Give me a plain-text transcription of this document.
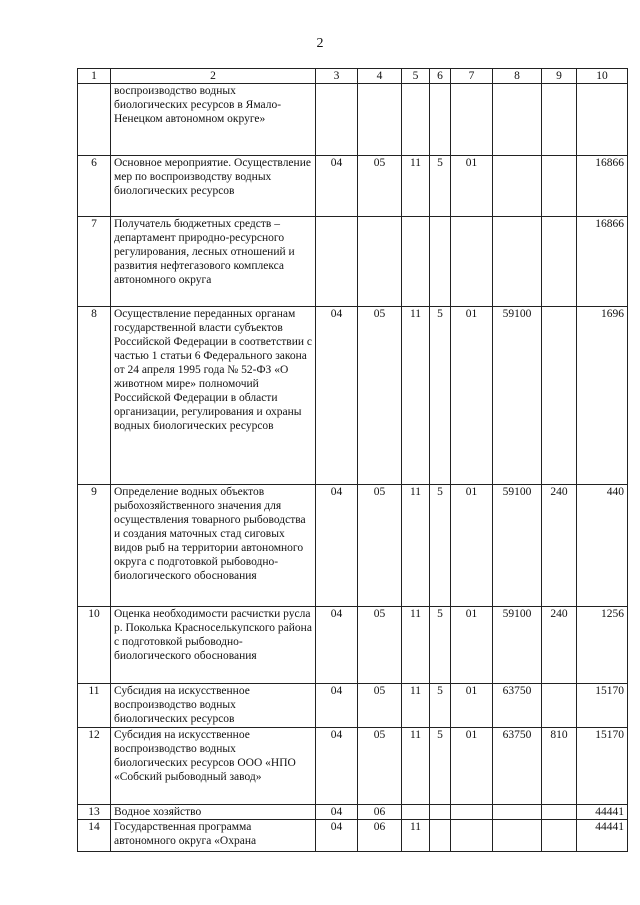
2
1	2	3	4	5	6	7	8	9	10
	воспроизводство водных биологических ресурсов в Ямало-Ненецком автономном округе»								
6	Основное мероприятие. Осуществление мер по воспроизводству водных биологических ресурсов	04	05	11	5	01			16866
7	Получатель бюджетных средств – департамент природно-ресурсного регулирования, лесных отношений и развития нефтегазового комплекса автономного округа								16866
8	Осуществление переданных органам государственной власти субъектов Российской Федерации в соответствии с частью 1 статьи 6 Федерального закона от 24 апреля 1995 года № 52-ФЗ «О животном мире» полномочий Российской Федерации в области организации, регулирования и охраны водных биологических ресурсов	04	05	11	5	01	59100		1696
9	Определение водных объектов рыбохозяйственного значения для осуществления товарного рыбоводства и создания маточных стад сиговых видов рыб на территории автономного округа с подготовкой рыбоводно-биологического обоснования	04	05	11	5	01	59100	240	440
10	Оценка необходимости расчистки русла р. Поколька Красноселькупского района с подготовкой рыбоводно-биологического обоснования	04	05	11	5	01	59100	240	1256
11	Субсидия на искусственное воспроизводство водных биологических ресурсов	04	05	11	5	01	63750		15170
12	Субсидия на искусственное воспроизводство водных биологических ресурсов ООО «НПО «Собский рыбоводный завод»	04	05	11	5	01	63750	810	15170
13	Водное хозяйство	04	06						44441
14	Государственная программа автономного округа «Охрана	04	06	11					44441
